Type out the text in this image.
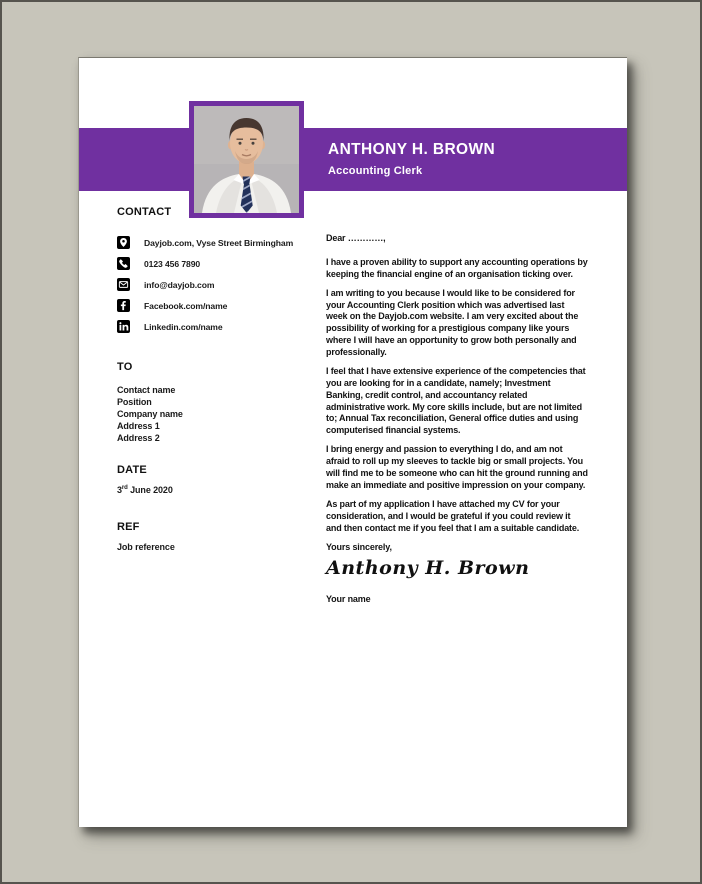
ANTHONY H. BROWN
Accounting Clerk
CONTACT
Dayjob.com, Vyse Street Birmingham
0123 456 7890
info@dayjob.com
Facebook.com/name
Linkedin.com/name
TO
Contact name
Position
Company name
Address 1
Address 2
DATE
3rd June 2020
REF
Job reference
Dear …………,

I have a proven ability to support any accounting operations by keeping the financial engine of an organisation ticking over.

I am writing to you because I would like to be considered for your Accounting Clerk position which was advertised last week on the Dayjob.com website. I am very excited about the possibility of working for a prestigious company like yours where I will have an opportunity to grow both personally and professionally.

I feel that I have extensive experience of the competencies that you are looking for in a candidate, namely; Investment Banking, credit control, and accountancy related administrative work. My core skills include, but are not limited to; Annual Tax reconciliation, General office duties and using computerised financial systems.

I bring energy and passion to everything I do, and am not afraid to roll up my sleeves to tackle big or small projects. You will find me to be someone who can hit the ground running and make an immediate and positive impression on your company.

As part of my application I have attached my CV for your consideration, and I would be grateful if you could review it and then contact me if you feel that I am a suitable candidate.

Yours sincerely,
Anthony H. Brown
Your name
